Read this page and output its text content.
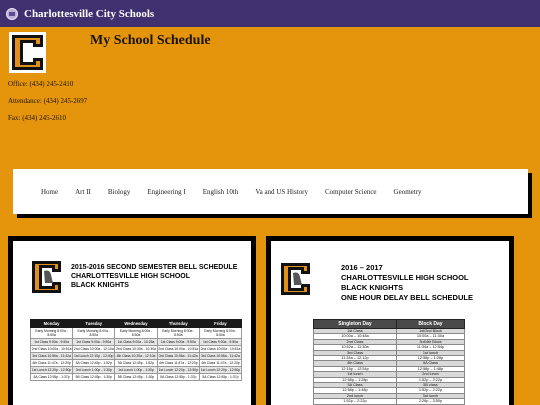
Charlottesville City Schools
My School Schedule
Office: (434) 245-2410
Attendance: (434) 245-2697
Fax: (434) 245-2610
Home Art II Biology Engineering I English 10th Va and US History Computer Science Geometry
2015-2016 SECOND SEMESTER BELL SCHEDULE
CHARLOTTESVILLE HIGH SCHOOL
BLACK KNIGHTS
Monday	Tuesday	Wednesday	Thursday	Friday
Early Morning 8:00a - 8:50a	Early Morning 8:00a - 8:50a	Early Morning 8:00a - 8:50a	Early Morning 8:00a - 8:50a	Early Morning 8:00a - 8:50a
1st Class 9:00a - 9:50a	1st Class 9:00a - 9:50a	1st Class 9:00a - 10:25a	1st Class 9:00a - 9:50a	1st Class 9:00a - 9:50a
2nd Class 10:00a - 10:51a	2nd Class 10:00a - 12:10a	2nd Class 10:30a - 10:30a	2nd Class 10:00a - 10:51a	2nd Class 10:00a - 10:51a
3rd Class 10:56a - 11:42a	1st Lunch 12:10p - 12:40p	4th Class 10:30a - 12:10a	3rd Class 10:56a - 11:42a	3rd Class 10:56a - 11:42a
4th Class 11:47a - 12:20p	5A Class 12:45p - 1:52p	5A Class 12:45p - 1:52p	4th Class 11:47a - 12:20p	4th Class 11:47a - 12:20p
1st Lunch 12:20p - 12:50p	3rd Lunch 1:00p - 1:30p	1st Lunch 1:00p - 1:30p	1st Lunch 12:20p - 12:50p	1st Lunch 12:20p - 12:50p
5A Class 12:55p - 1:37p	5B Class 12:45p - 1:30p	5B Class 12:45p - 1:30p	5A Class 12:55p - 1:37p	5A Class 12:55p - 1:37p
2016 – 2017
CHARLOTTESVILLE HIGH SCHOOL
BLACK KNIGHTS
ONE HOUR DELAY BELL SCHEDULE
Singleton Day	Block Day
1st Class	1st/2nd Block
10:00a – 10:48a	10:00a – 11:30a
2nd Class	3rd/4th Block
10:52a – 11:30a	11:34a – 12:54p
3rd Class	1st lunch
11:34a – 12:12p	12:58p – 1:28p
4th Class	5A Class
12:16p – 12:54p	12:58p – 1:48p
1st lunch	2nd lunch
12:58p – 1:28p	1:52p – 2:22p
5A Class	5B class
12:58p – 1:48p	1:52p – 2:22p
2nd lunch	3rd lunch
1:52p – 2:22p	2:26p – 3:50p
